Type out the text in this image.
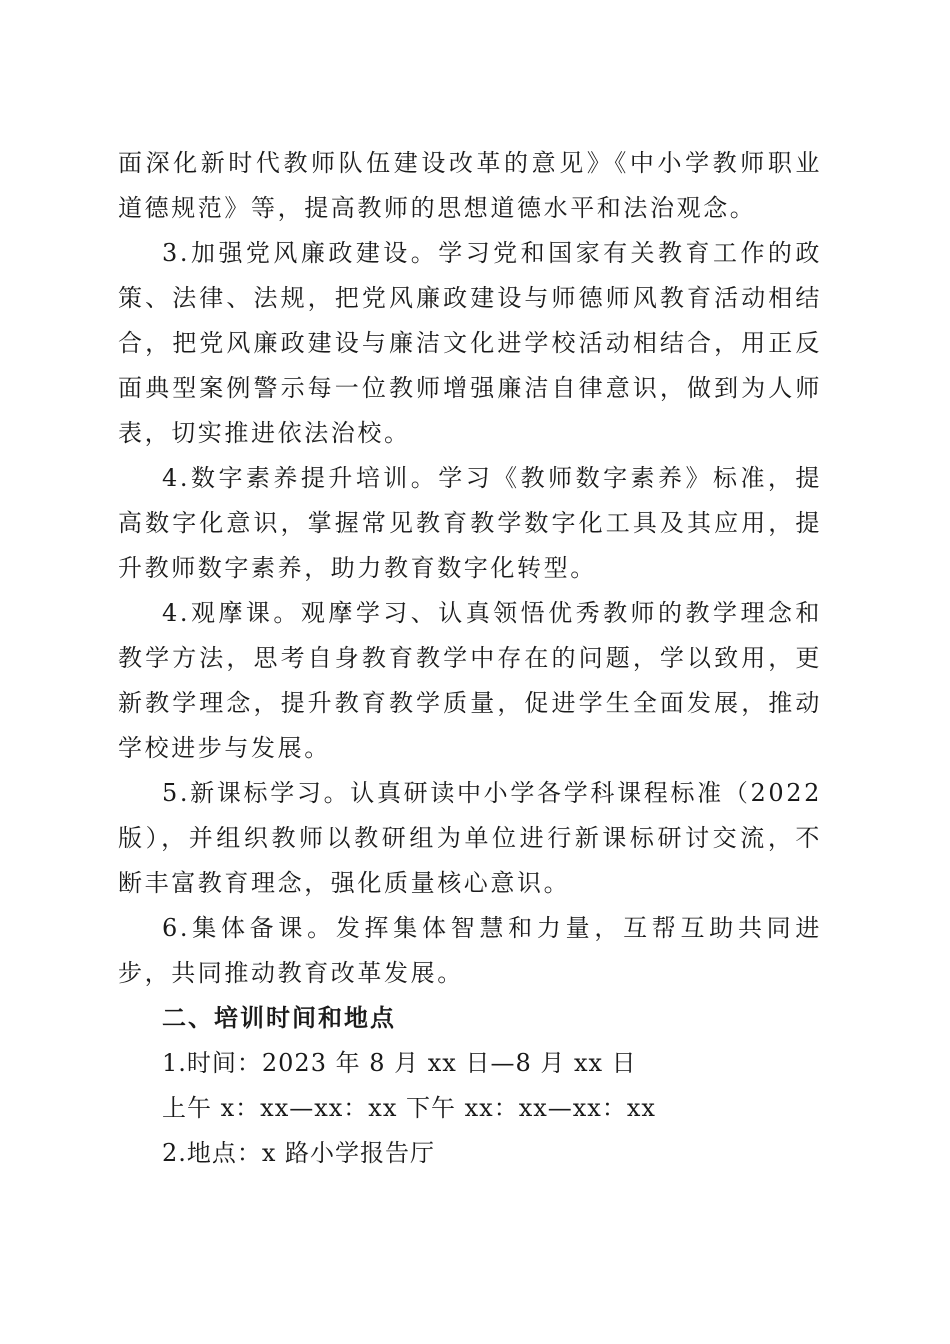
面深化新时代教师队伍建设改革的意见》《中小学教师职业道德规范》等，提高教师的思想道德水平和法治观念。

3.加强党风廉政建设。学习党和国家有关教育工作的政策、法律、法规，把党风廉政建设与师德师风教育活动相结合，把党风廉政建设与廉洁文化进学校活动相结合，用正反面典型案例警示每一位教师增强廉洁自律意识，做到为人师表，切实推进依法治校。

4.数字素养提升培训。学习《教师数字素养》标准，提高数字化意识，掌握常见教育教学数字化工具及其应用，提升教师数字素养，助力教育数字化转型。

4.观摩课。观摩学习、认真领悟优秀教师的教学理念和教学方法，思考自身教育教学中存在的问题，学以致用，更新教学理念，提升教育教学质量，促进学生全面发展，推动学校进步与发展。

5.新课标学习。认真研读中小学各学科课程标准（2022版），并组织教师以教研组为单位进行新课标研讨交流，不断丰富教育理念，强化质量核心意识。

6.集体备课。发挥集体智慧和力量，互帮互助共同进步，共同推动教育改革发展。

二、培训时间和地点

1.时间：2023 年 8 月 xx 日—8 月 xx 日

上午 x：xx—xx：xx 下午 xx：xx—xx：xx

2.地点：x 路小学报告厅
